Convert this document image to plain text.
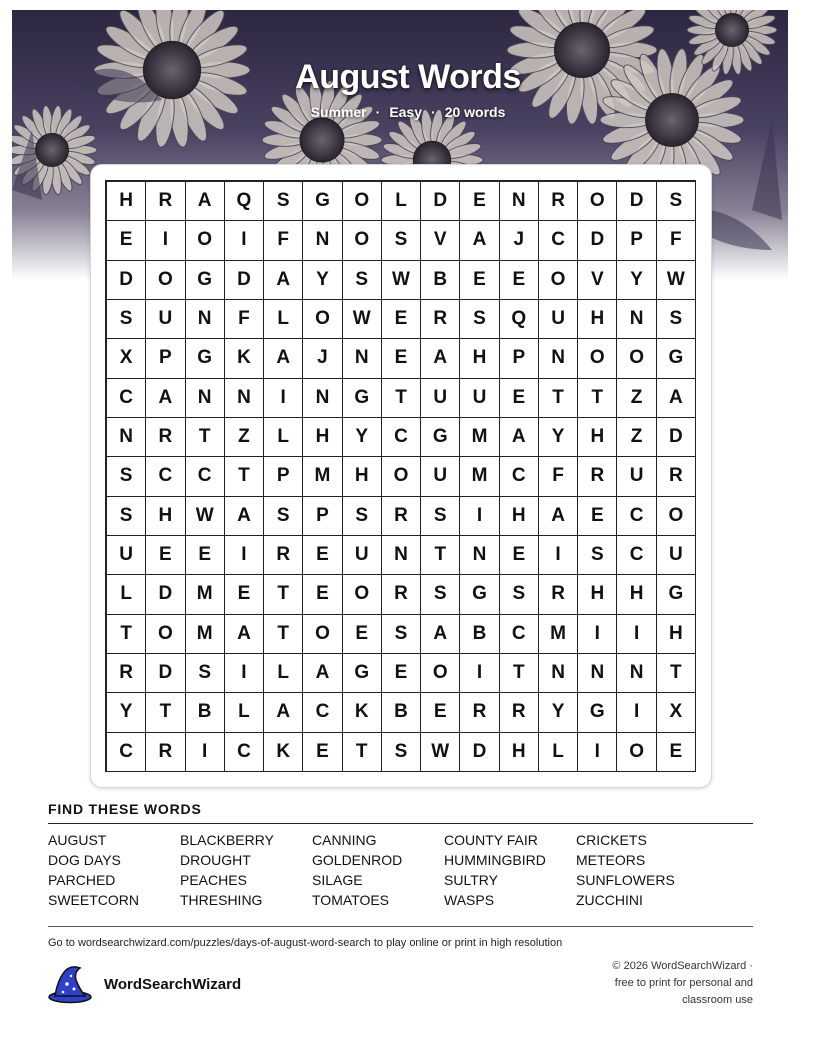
August Words
Summer · Easy · 20 words
H	R	A	Q	S	G	O	L	D	E	N	R	O	D	S
E	I	O	I	F	N	O	S	V	A	J	C	D	P	F
D	O	G	D	A	Y	S	W	B	E	E	O	V	Y	W
S	U	N	F	L	O	W	E	R	S	Q	U	H	N	S
X	P	G	K	A	J	N	E	A	H	P	N	O	O	G
C	A	N	N	I	N	G	T	U	U	E	T	T	Z	A
N	R	T	Z	L	H	Y	C	G	M	A	Y	H	Z	D
S	C	C	T	P	M	H	O	U	M	C	F	R	U	R
S	H	W	A	S	P	S	R	S	I	H	A	E	C	O
U	E	E	I	R	E	U	N	T	N	E	I	S	C	U
L	D	M	E	T	E	O	R	S	G	S	R	H	H	G
T	O	M	A	T	O	E	S	A	B	C	M	I	I	H
R	D	S	I	L	A	G	E	O	I	T	N	N	N	T
Y	T	B	L	A	C	K	B	E	R	R	Y	G	I	X
C	R	I	C	K	E	T	S	W	D	H	L	I	O	E
FIND THESE WORDS
AUGUST	BLACKBERRY	CANNING	COUNTY FAIR	CRICKETS
DOG DAYS	DROUGHT	GOLDENROD	HUMMINGBIRD	METEORS
PARCHED	PEACHES	SILAGE	SULTRY	SUNFLOWERS
SWEETCORN	THRESHING	TOMATOES	WASPS	ZUCCHINI
Go to wordsearchwizard.com/puzzles/days-of-august-word-search to play online or print in high resolution
WordSearchWizard
© 2026 WordSearchWizard ·
free to print for personal and
classroom use
